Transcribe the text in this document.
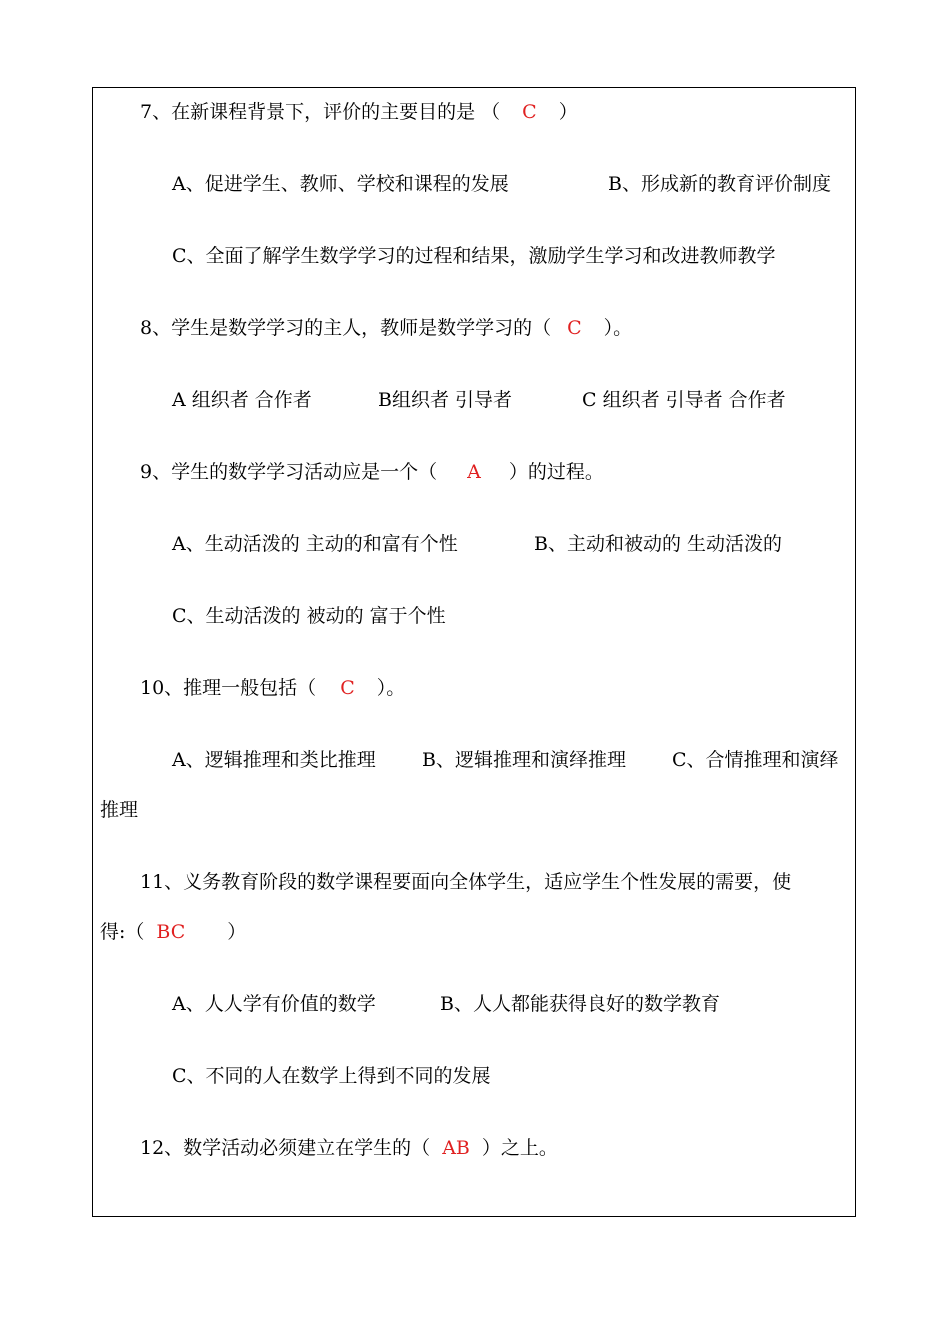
7、在新课程背景下，评价的主要目的是 （ C ）
A、促进学生、教师、学校和课程的发展	B、形成新的教育评价制度
C、全面了解学生数学学习的过程和结果，激励学生学习和改进教师教学
8、学生是数学学习的主人，教师是数学学习的（ C ）。
A 组织者 合作者	B组织者 引导者	C 组织者 引导者 合作者
9、学生的数学学习活动应是一个（ A ）的过程。
A、生动活泼的 主动的和富有个性	B、主动和被动的 生动活泼的
C、生动活泼的 被动的 富于个性
10、推理一般包括（ C ）。
A、逻辑推理和类比推理 B、逻辑推理和演绎推理 C、合情推理和演绎
推理
11、义务教育阶段的数学课程要面向全体学生，适应学生个性发展的需要，使
得:（ BC ）
A、人人学有价值的数学	B、人人都能获得良好的数学教育
C、不同的人在数学上得到不同的发展
12、数学活动必须建立在学生的（ AB ）之上。
